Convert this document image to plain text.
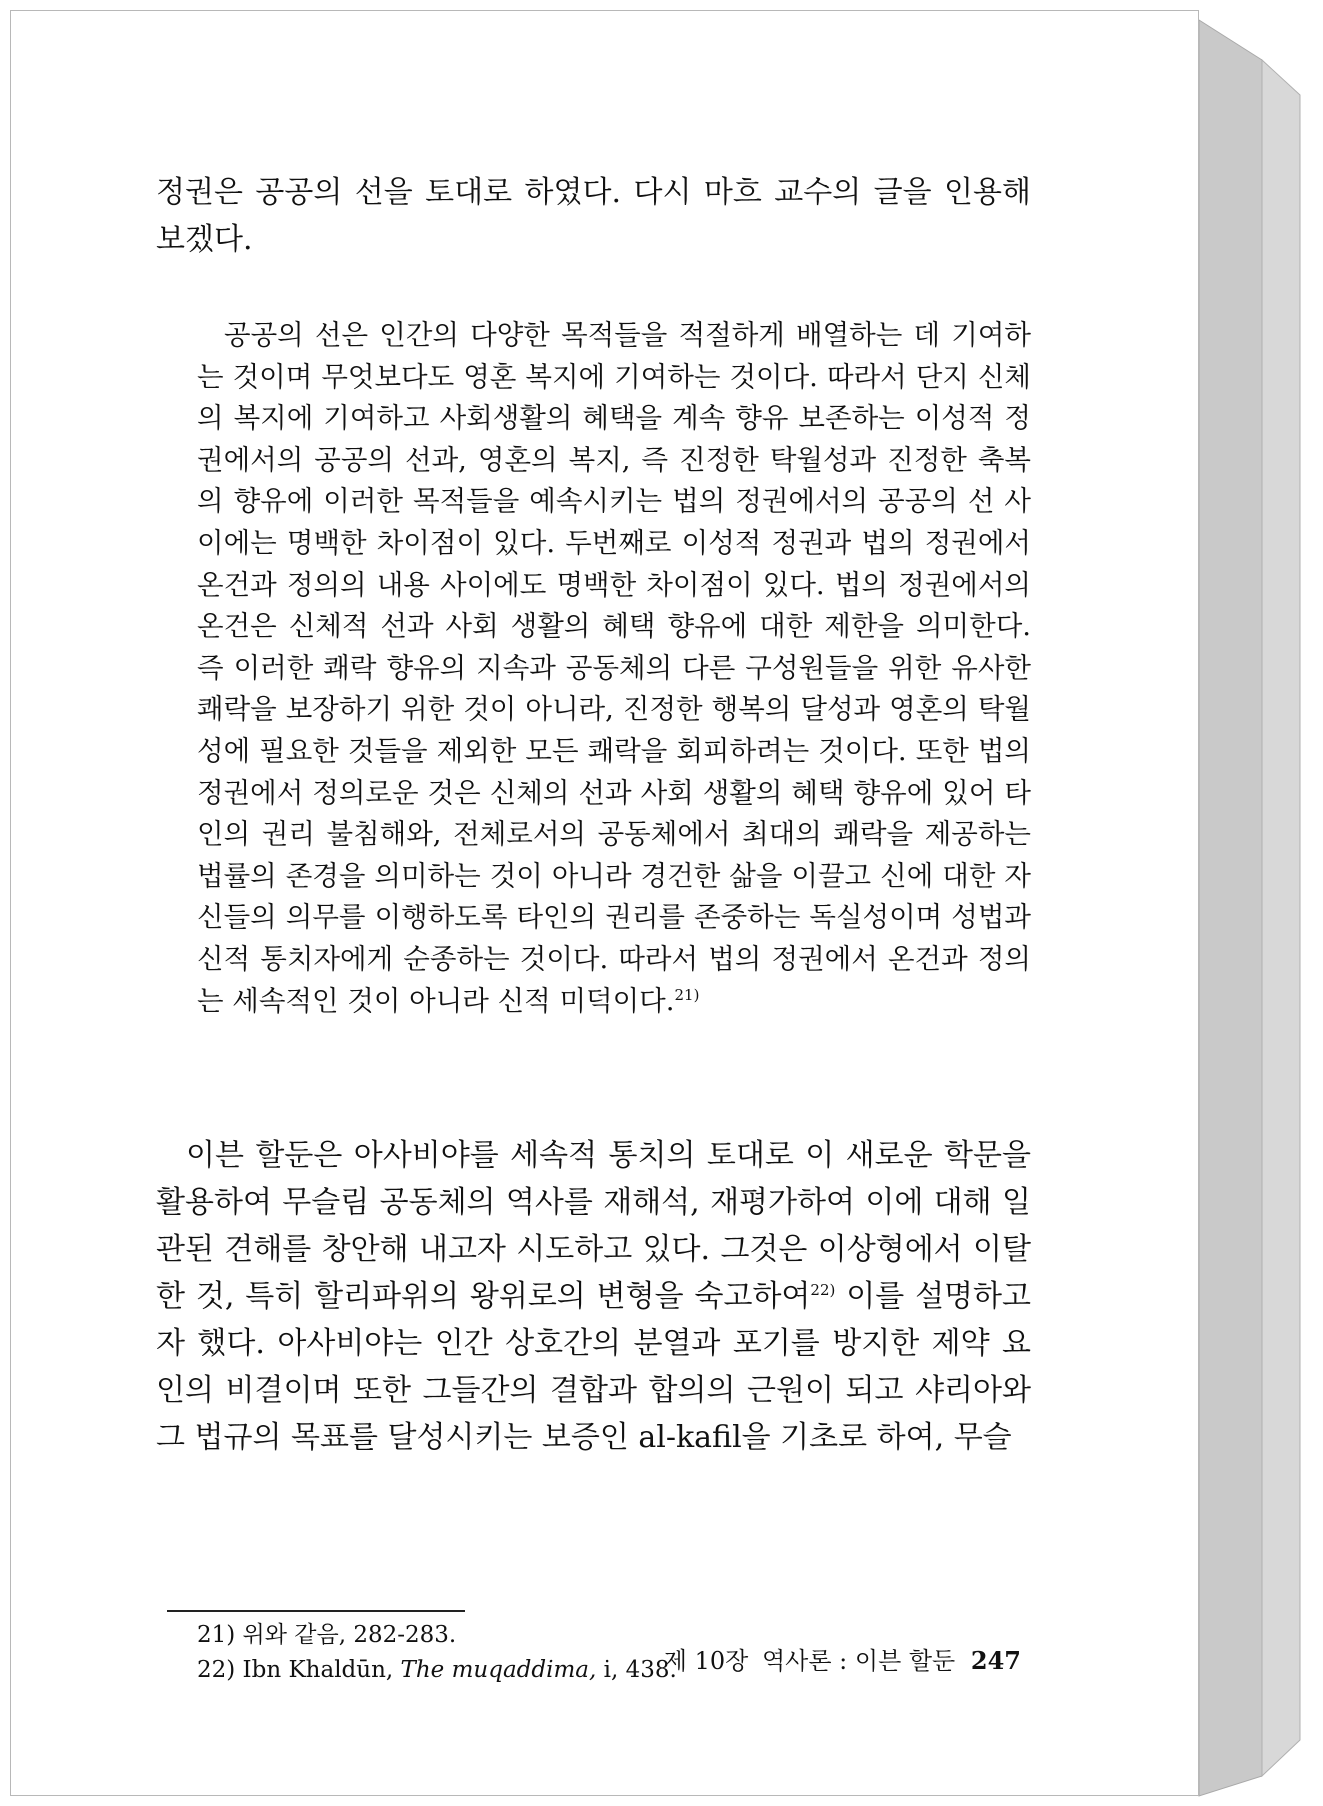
정권은 공공의 선을 토대로 하였다. 다시 마흐 교수의 글을 인용해 보겠다.

공공의 선은 인간의 다양한 목적들을 적절하게 배열하는 데 기여하는 것이며 무엇보다도 영혼 복지에 기여하는 것이다. 따라서 단지 신체의 복지에 기여하고 사회생활의 혜택을 계속 향유 보존하는 이성적 정권에서의 공공의 선과, 영혼의 복지, 즉 진정한 탁월성과 진정한 축복의 향유에 이러한 목적들을 예속시키는 법의 정권에서의 공공의 선 사이에는 명백한 차이점이 있다. 두번째로 이성적 정권과 법의 정권에서 온건과 정의의 내용 사이에도 명백한 차이점이 있다. 법의 정권에서의 온건은 신체적 선과 사회 생활의 혜택 향유에 대한 제한을 의미한다. 즉 이러한 쾌락 향유의 지속과 공동체의 다른 구성원들을 위한 유사한 쾌락을 보장하기 위한 것이 아니라, 진정한 행복의 달성과 영혼의 탁월성에 필요한 것들을 제외한 모든 쾌락을 회피하려는 것이다. 또한 법의 정권에서 정의로운 것은 신체의 선과 사회 생활의 혜택 향유에 있어 타인의 권리 불침해와, 전체로서의 공동체에서 최대의 쾌락을 제공하는 법률의 존경을 의미하는 것이 아니라 경건한 삶을 이끌고 신에 대한 자신들의 의무를 이행하도록 타인의 권리를 존중하는 독실성이며 성법과 신적 통치자에게 순종하는 것이다. 따라서 법의 정권에서 온건과 정의는 세속적인 것이 아니라 신적 미덕이다.$^{21)}$

이븐 할둔은 아사비야를 세속적 통치의 토대로 이 새로운 학문을 활용하여 무슬림 공동체의 역사를 재해석, 재평가하여 이에 대해 일관된 견해를 창안해 내고자 시도하고 있다. 그것은 이상형에서 이탈한 것, 특히 할리파위의 왕위로의 변형을 숙고하여$^{22)}$ 이를 설명하고자 했다. 아사비야는 인간 상호간의 분열과 포기를 방지한 제약 요인의 비결이며 또한 그들간의 결합과 합의의 근원이 되고 샤리아와 그 법규의 목표를 달성시키는 보증인 al-kafil을 기초로 하여, 무슬

21) 위와 같음, 282-283.
22) Ibn Khaldūn, The muqaddima, i, 438.
제 10장 역사론 : 이븐 할둔 247
